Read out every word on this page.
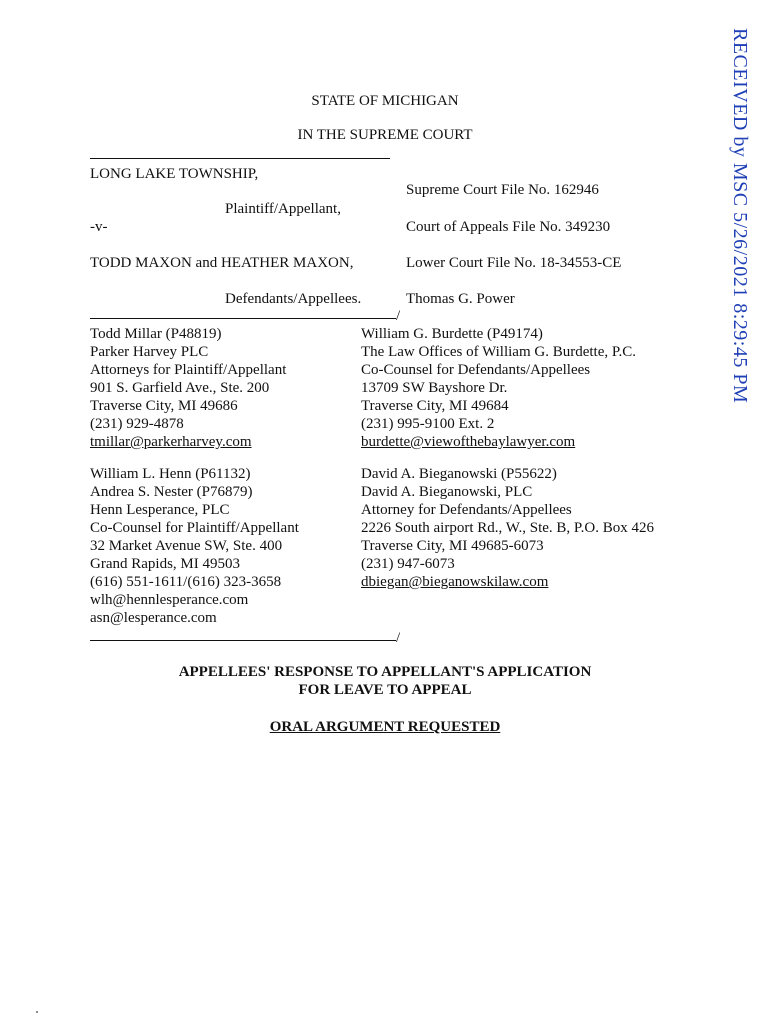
RECEIVED by MSC 5/26/2021 8:29:45 PM
STATE OF MICHIGAN
IN THE SUPREME COURT
LONG LAKE TOWNSHIP,
Supreme Court File No. 162946
Plaintiff/Appellant,
-v-	Court of Appeals File No. 349230
TODD MAXON and HEATHER MAXON,	Lower Court File No. 18-34553-CE
Defendants/Appellees.	Thomas G. Power
/
Todd Millar (P48819)
Parker Harvey PLC
Attorneys for Plaintiff/Appellant
901 S. Garfield Ave., Ste. 200
Traverse City, MI 49686
(231) 929-4878
tmillar@parkerharvey.com
William G. Burdette (P49174)
The Law Offices of William G. Burdette, P.C.
Co-Counsel for Defendants/Appellees
13709 SW Bayshore Dr.
Traverse City, MI 49684
(231) 995-9100 Ext. 2
burdette@viewofthebaylawyer.com
William L. Henn (P61132)
Andrea S. Nester (P76879)
Henn Lesperance, PLC
Co-Counsel for Plaintiff/Appellant
32 Market Avenue SW, Ste. 400
Grand Rapids, MI 49503
(616) 551-1611/(616) 323-3658
wlh@hennlesperance.com
asn@lesperance.com
David A. Bieganowski (P55622)
David A. Bieganowski, PLC
Attorney for Defendants/Appellees
2226 South airport Rd., W., Ste. B, P.O. Box 426
Traverse City, MI 49685-6073
(231) 947-6073
dbiegan@bieganowskilaw.com
/
APPELLEES' RESPONSE TO APPELLANT'S APPLICATION
FOR LEAVE TO APPEAL
ORAL ARGUMENT REQUESTED
